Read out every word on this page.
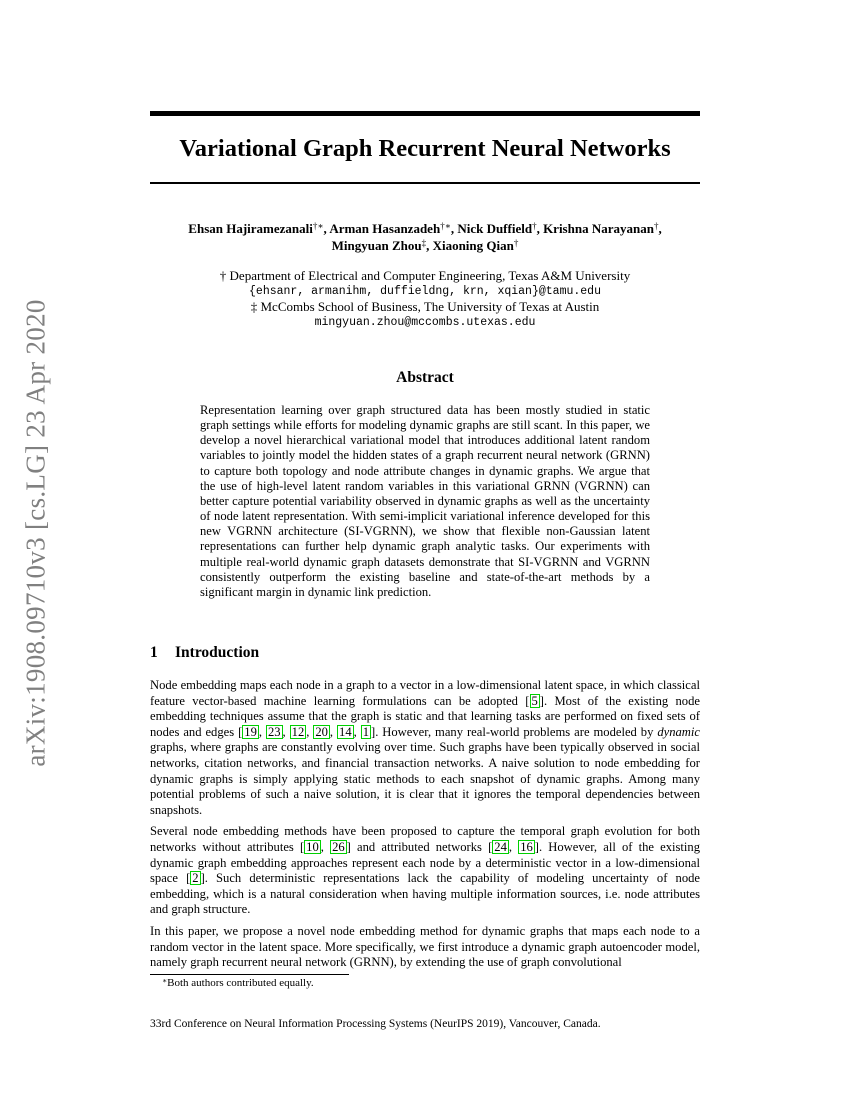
arXiv:1908.09710v3 [cs.LG] 23 Apr 2020
Variational Graph Recurrent Neural Networks
Ehsan Hajiramezanali†∗, Arman Hasanzadeh†∗, Nick Duffield†, Krishna Narayanan†,
Mingyuan Zhou‡, Xiaoning Qian†
† Department of Electrical and Computer Engineering, Texas A&M University
{ehsanr, armanihm, duffieldng, krn, xqian}@tamu.edu
‡ McCombs School of Business, The University of Texas at Austin
mingyuan.zhou@mccombs.utexas.edu
Abstract
Representation learning over graph structured data has been mostly studied in static graph settings while efforts for modeling dynamic graphs are still scant. In this paper, we develop a novel hierarchical variational model that introduces additional latent random variables to jointly model the hidden states of a graph recurrent neural network (GRNN) to capture both topology and node attribute changes in dynamic graphs. We argue that the use of high-level latent random variables in this variational GRNN (VGRNN) can better capture potential variability observed in dynamic graphs as well as the uncertainty of node latent representation. With semi-implicit variational inference developed for this new VGRNN architecture (SI-VGRNN), we show that flexible non-Gaussian latent representations can further help dynamic graph analytic tasks. Our experiments with multiple real-world dynamic graph datasets demonstrate that SI-VGRNN and VGRNN consistently outperform the existing baseline and state-of-the-art methods by a significant margin in dynamic link prediction.
1 Introduction

Node embedding maps each node in a graph to a vector in a low-dimensional latent space, in which classical feature vector-based machine learning formulations can be adopted [ 5 ]. Most of the existing node embedding techniques assume that the graph is static and that learning tasks are performed on fixed sets of nodes and edges [ 19 , 23 , 12 , 20 , 14 , 1 ]. However, many real-world problems are modeled by dynamic graphs, where graphs are constantly evolving over time. Such graphs have been typically observed in social networks, citation networks, and financial transaction networks. A naive solution to node embedding for dynamic graphs is simply applying static methods to each snapshot of dynamic graphs. Among many potential problems of such a naive solution, it is clear that it ignores the temporal dependencies between snapshots.

Several node embedding methods have been proposed to capture the temporal graph evolution for both networks without attributes [ 10 , 26 ] and attributed networks [ 24 , 16 ]. However, all of the existing dynamic graph embedding approaches represent each node by a deterministic vector in a low-dimensional space [ 2 ]. Such deterministic representations lack the capability of modeling uncertainty of node embedding, which is a natural consideration when having multiple information sources, i.e. node attributes and graph structure.

In this paper, we propose a novel node embedding method for dynamic graphs that maps each node to a random vector in the latent space. More specifically, we first introduce a dynamic graph autoencoder model, namely graph recurrent neural network (GRNN), by extending the use of graph convolutional

∗Both authors contributed equally.
33rd Conference on Neural Information Processing Systems (NeurIPS 2019), Vancouver, Canada.
